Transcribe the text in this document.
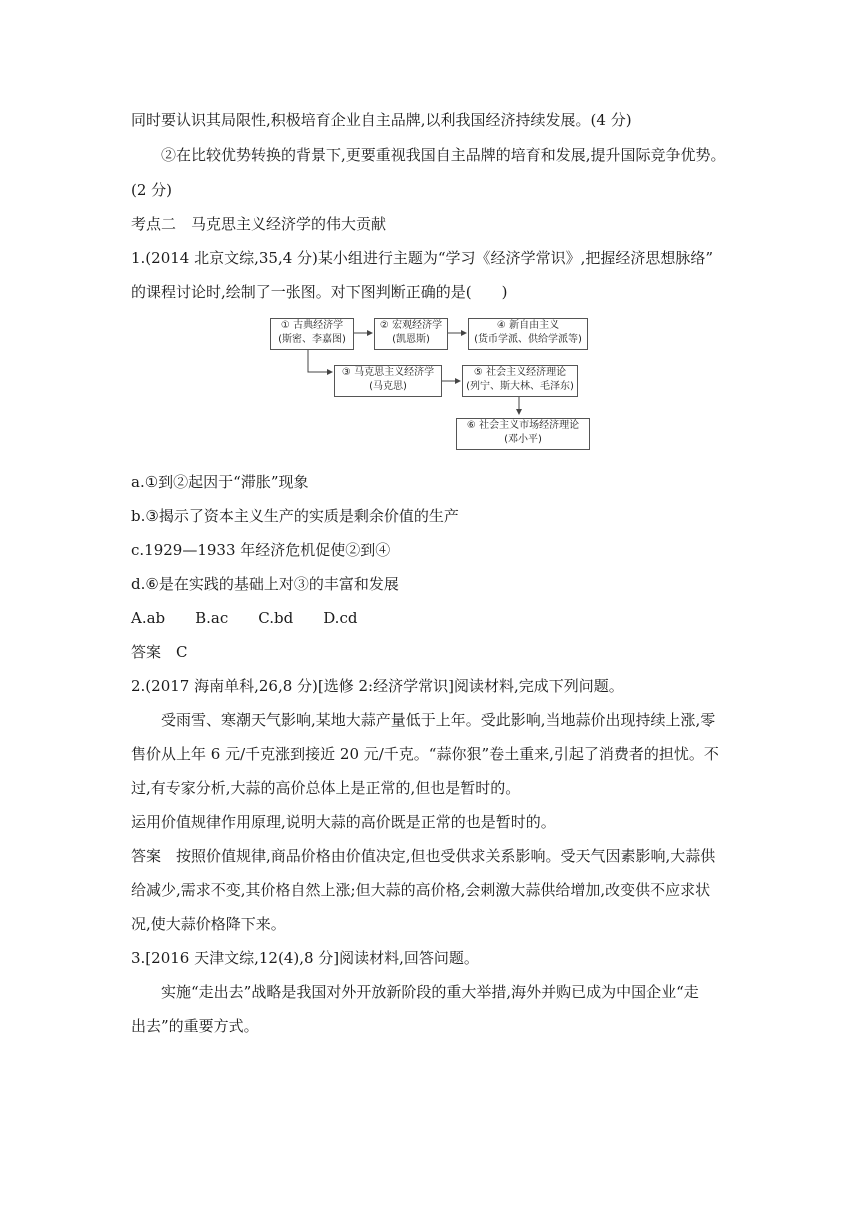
同时要认识其局限性,积极培育企业自主品牌,以利我国经济持续发展。(4 分)
②在比较优势转换的背景下,更要重视我国自主品牌的培育和发展,提升国际竞争优势。
(2 分)
考点二　马克思主义经济学的伟大贡献
1.(2014 北京文综,35,4 分)某小组进行主题为“学习《经济学常识》,把握经济思想脉络”
的课程讨论时,绘制了一张图。对下图判断正确的是(　　)
① 古典经济学
(斯密、李嘉图)
② 宏观经济学
(凯恩斯)
④ 新自由主义
(货币学派、供给学派等)
③ 马克思主义经济学
(马克思)
⑤ 社会主义经济理论
(列宁、斯大林、毛泽东)
⑥ 社会主义市场经济理论
(邓小平)
a.①到②起因于“滞胀”现象
b.③揭示了资本主义生产的实质是剩余价值的生产
c.1929—1933 年经济危机促使②到④
d.⑥是在实践的基础上对③的丰富和发展
A.ab　　B.ac　　C.bd　　D.cd
答案　C
2.(2017 海南单科,26,8 分)[选修 2:经济学常识]阅读材料,完成下列问题。
受雨雪、寒潮天气影响,某地大蒜产量低于上年。受此影响,当地蒜价出现持续上涨,零
售价从上年 6 元/千克涨到接近 20 元/千克。“蒜你狠”卷土重来,引起了消费者的担忧。不
过,有专家分析,大蒜的高价总体上是正常的,但也是暂时的。
运用价值规律作用原理,说明大蒜的高价既是正常的也是暂时的。
答案　按照价值规律,商品价格由价值决定,但也受供求关系影响。受天气因素影响,大蒜供
给减少,需求不变,其价格自然上涨;但大蒜的高价格,会刺激大蒜供给增加,改变供不应求状
况,使大蒜价格降下来。
3.[2016 天津文综,12(4),8 分]阅读材料,回答问题。
实施“走出去”战略是我国对外开放新阶段的重大举措,海外并购已成为中国企业“走
出去”的重要方式。
